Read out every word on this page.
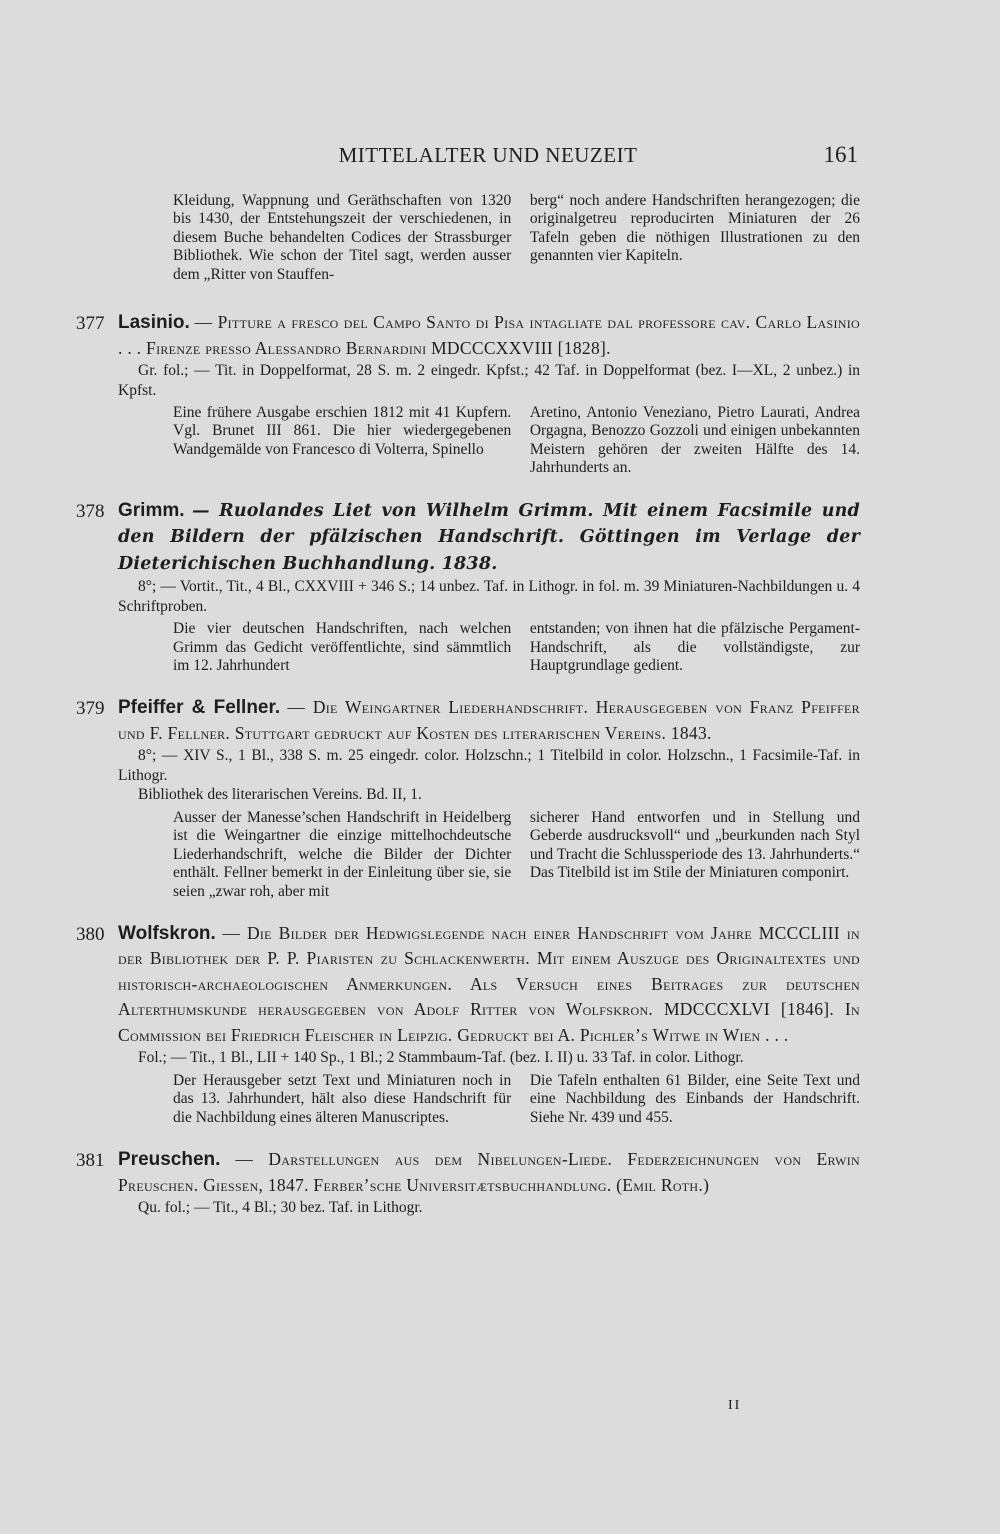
MITTELALTER UND NEUZEIT	161
Kleidung, Wappnung und Geräthschaften von 1320 bis 1430, der Entstehungszeit der verschiedenen, in diesem Buche behandelten Codices der Strassburger Bibliothek. Wie schon der Titel sagt, werden ausser dem „Ritter von Stauffen-
berg“ noch andere Handschriften herangezogen; die originalgetreu reproducirten Miniaturen der 26 Tafeln geben die nöthigen Illustrationen zu den genannten vier Kapiteln.
377 Lasinio. — Pitture a fresco del Campo Santo di Pisa intagliate dal professore cav. Carlo Lasinio . . . Firenze presso Alessandro Bernardini MDCCCXXVIII [1828].
Gr. fol.; — Tit. in Doppelformat, 28 S. m. 2 eingedr. Kpfst.; 42 Taf. in Doppelformat (bez. I—XL, 2 unbez.) in Kpfst.
Eine frühere Ausgabe erschien 1812 mit 41 Kupfern. Vgl. Brunet III 861. Die hier wiedergegebenen Wandgemälde von Francesco di Volterra, Spinello
Aretino, Antonio Veneziano, Pietro Laurati, Andrea Orgagna, Benozzo Gozzoli und einigen unbekannten Meistern gehören der zweiten Hälfte des 14. Jahrhunderts an.
378 Grimm. — Ruolandes Liet von Wilhelm Grimm. Mit einem Facsimile und den Bildern der pfälzischen Handschrift. Göttingen im Verlage der Dieterichischen Buchhandlung. 1838.
8°; — Vortit., Tit., 4 Bl., CXXVIII + 346 S.; 14 unbez. Taf. in Lithogr. in fol. m. 39 Miniaturen-Nachbildungen u. 4 Schriftproben.
Die vier deutschen Handschriften, nach welchen Grimm das Gedicht veröffentlichte, sind sämmtlich im 12. Jahrhundert
entstanden; von ihnen hat die pfälzische Pergament-Handschrift, als die vollständigste, zur Hauptgrundlage gedient.
379 Pfeiffer & Fellner. — Die Weingartner Liederhandschrift. Herausgegeben von Franz Pfeiffer und F. Fellner. Stuttgart gedruckt auf Kosten des literarischen Vereins. 1843.
8°; — XIV S., 1 Bl., 338 S. m. 25 eingedr. color. Holzschn.; 1 Titelbild in color. Holzschn., 1 Facsimile-Taf. in Lithogr.
Bibliothek des literarischen Vereins. Bd. II, 1.
Ausser der Manesse’schen Handschrift in Heidelberg ist die Weingartner die einzige mittelhochdeutsche Liederhandschrift, welche die Bilder der Dichter enthält. Fellner bemerkt in der Einleitung über sie, sie seien „zwar roh, aber mit
sicherer Hand entworfen und in Stellung und Geberde ausdrucksvoll“ und „beurkunden nach Styl und Tracht die Schlussperiode des 13. Jahrhunderts.“ Das Titelbild ist im Stile der Miniaturen componirt.
380 Wolfskron. — Die Bilder der Hedwigslegende nach einer Handschrift vom Jahre MCCCLIII in der Bibliothek der P. P. Piaristen zu Schlackenwerth. Mit einem Auszuge des Originaltextes und historisch-archaeologischen Anmerkungen. Als Versuch eines Beitrages zur deutschen Alterthumskunde herausgegeben von Adolf Ritter von Wolfskron. MDCCCXLVI [1846]. In Commission bei Friedrich Fleischer in Leipzig. Gedruckt bei A. Pichler’s Witwe in Wien . . .
Fol.; — Tit., 1 Bl., LII + 140 Sp., 1 Bl.; 2 Stammbaum-Taf. (bez. I. II) u. 33 Taf. in color. Lithogr.
Der Herausgeber setzt Text und Miniaturen noch in das 13. Jahrhundert, hält also diese Handschrift für die Nachbildung eines älteren Manuscriptes.
Die Tafeln enthalten 61 Bilder, eine Seite Text und eine Nachbildung des Einbands der Handschrift. Siehe Nr. 439 und 455.
381 Preuschen. — Darstellungen aus dem Nibelungen-Liede. Federzeichnungen von Erwin Preuschen. Giessen, 1847. Ferber’sche Universitætsbuchhandlung. (Emil Roth.)
Qu. fol.; — Tit., 4 Bl.; 30 bez. Taf. in Lithogr.
II
